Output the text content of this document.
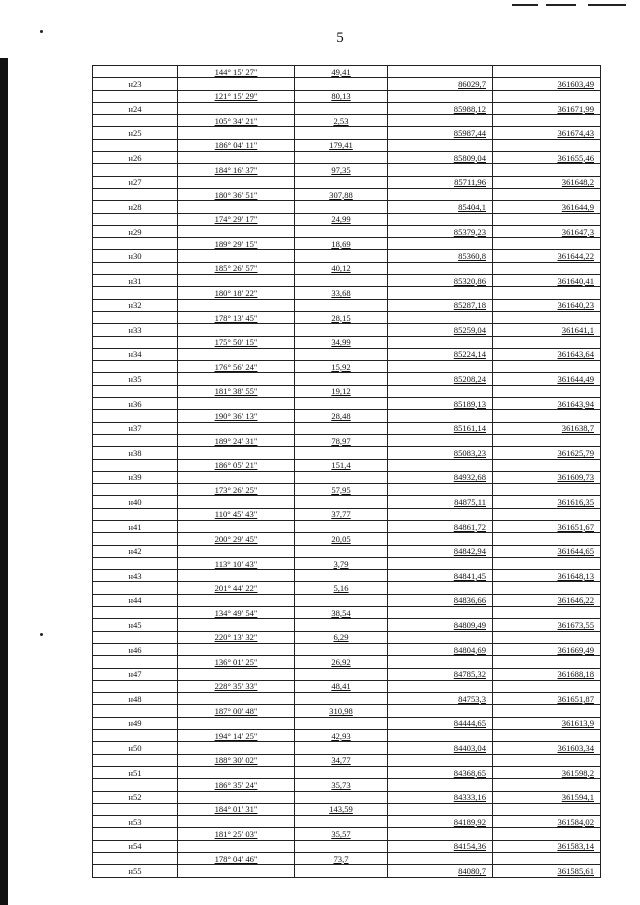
5
	144° 15' 27"	49,41		
н23			86029,7	361603,49
	121° 15' 29"	80,13		
н24			85988,12	361671,99
	105° 34' 21"	2,53		
н25			85987,44	361674,43
	186° 04' 11"	179,41		
н26			85809,04	361655,46
	184° 16' 37"	97,35		
н27			85711,96	361648,2
	180° 36' 51"	307,88		
н28			85404,1	361644,9
	174° 29' 17"	24,99		
н29			85379,23	361647,3
	189° 29' 15"	18,69		
н30			85360,8	361644,22
	185° 26' 57"	40,12		
н31			85320,86	361640,41
	180° 18' 22"	33,68		
н32			85287,18	361640,23
	178° 13' 45"	28,15		
н33			85259,04	361641,1
	175° 50' 15"	34,99		
н34			85224,14	361643,64
	176° 56' 24"	15,92		
н35			85208,24	361644,49
	181° 38' 55"	19,12		
н36			85189,13	361643,94
	190° 36' 13"	28,48		
н37			85161,14	361638,7
	189° 24' 31"	78,97		
н38			85083,23	361625,79
	186° 05' 21"	151,4		
н39			84932,68	361609,73
	173° 26' 25"	57,95		
н40			84875,11	361616,35
	110° 45' 43"	37,77		
н41			84861,72	361651,67
	200° 29' 45"	20,05		
н42			84842,94	361644,65
	113° 10' 43"	3,79		
н43			84841,45	361648,13
	201° 44' 22"	5,16		
н44			84836,66	361646,22
	134° 49' 54"	38,54		
н45			84809,49	361673,55
	220° 13' 32"	6,29		
н46			84804,69	361669,49
	136° 01' 25"	26,92		
н47			84785,32	361688,18
	228° 35' 33"	48,41		
н48			84753,3	361651,87
	187° 00' 48"	310,98		
н49			84444,65	361613,9
	194° 14' 25"	42,93		
н50			84403,04	361603,34
	188° 30' 02"	34,77		
н51			84368,65	361598,2
	186° 35' 24"	35,73		
н52			84333,16	361594,1
	184° 01' 31"	143,59		
н53			84189,92	361584,02
	181° 25' 03"	35,57		
н54			84154,36	361583,14
	178° 04' 46"	73,7		
н55			84080,7	361585,61
